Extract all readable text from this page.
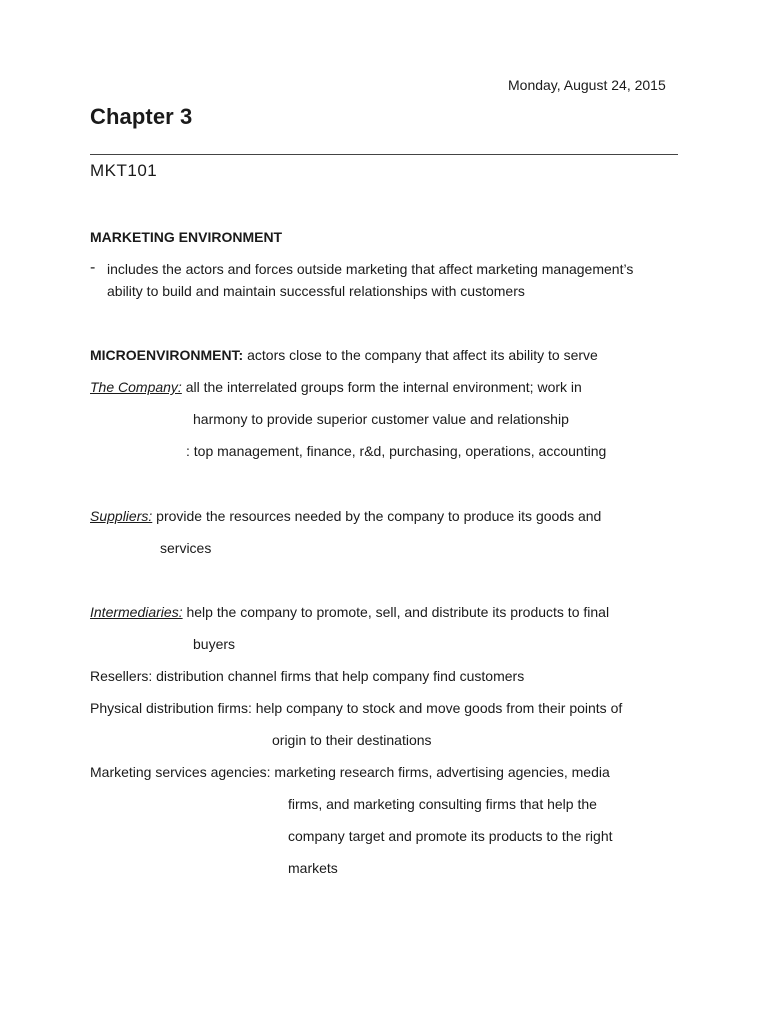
Monday, August 24, 2015
Chapter 3
MKT101
MARKETING ENVIRONMENT
- includes the actors and forces outside marketing that affect marketing management’s
ability to build and maintain successful relationships with customers
MICROENVIRONMENT: actors close to the company that affect its ability to serve
The Company: all the interrelated groups form the internal environment; work in
harmony to provide superior customer value and relationship
: top management, finance, r&d, purchasing, operations, accounting
Suppliers: provide the resources needed by the company to produce its goods and
services
Intermediaries: help the company to promote, sell, and distribute its products to final
buyers
Resellers: distribution channel firms that help company find customers
Physical distribution firms: help company to stock and move goods from their points of
origin to their destinations
Marketing services agencies: marketing research firms, advertising agencies, media
firms, and marketing consulting firms that help the
company target and promote its products to the right
markets
